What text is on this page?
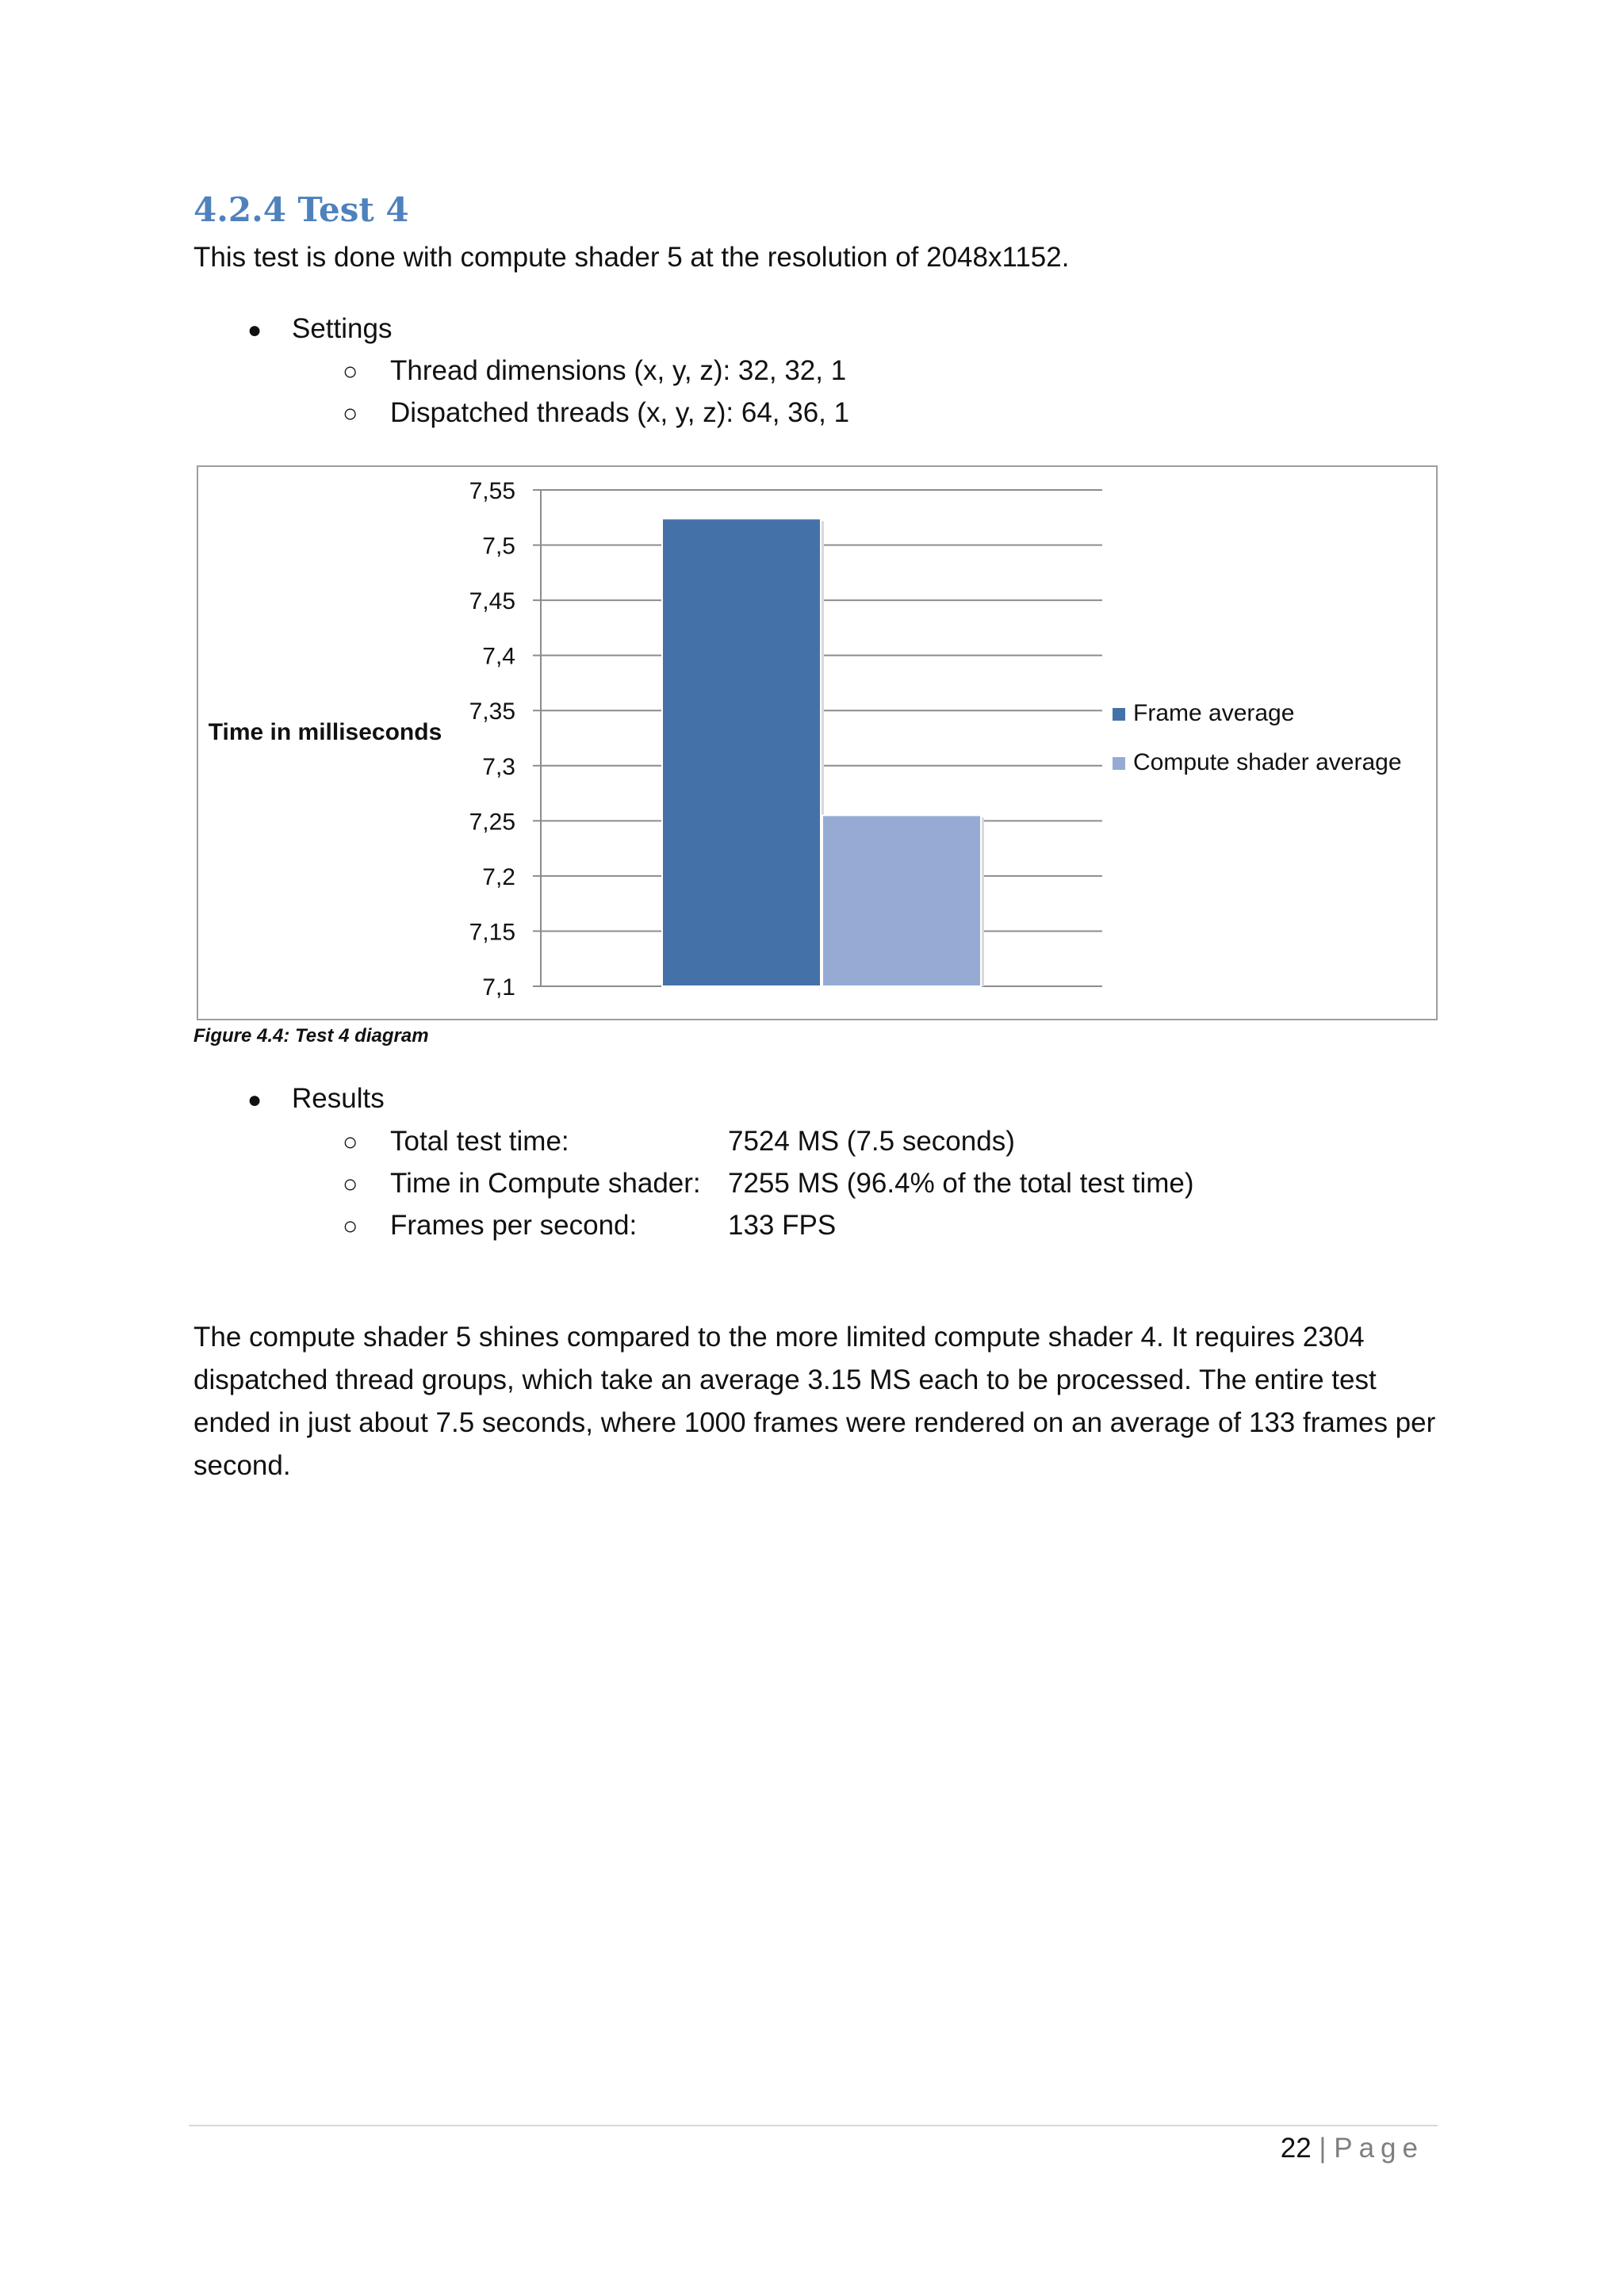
4.2.4 Test 4

This test is done with compute shader 5 at the resolution of 2048x1152.

● Settings
○ Thread dimensions (x, y, z): 32, 32, 1
○ Dispatched threads (x, y, z): 64, 36, 1
7,1
7,15
7,2
7,25
7,3
7,35
7,4
7,45
7,5
7,55
Time in milliseconds
Frame average
Compute shader average

Figure 4.4: Test 4 diagram

● Results
○ Total test time:	7524 MS (7.5 seconds)
○ Time in Compute shader: 7255 MS (96.4% of the total test time)
○ Frames per second:	133 FPS

The compute shader 5 shines compared to the more limited compute shader 4. It requires 2304 dispatched thread groups, which take an average 3.15 MS each to be processed. The entire test ended in just about 7.5 seconds, where 1000 frames were rendered on an average of 133 frames per second.

22 | Page
